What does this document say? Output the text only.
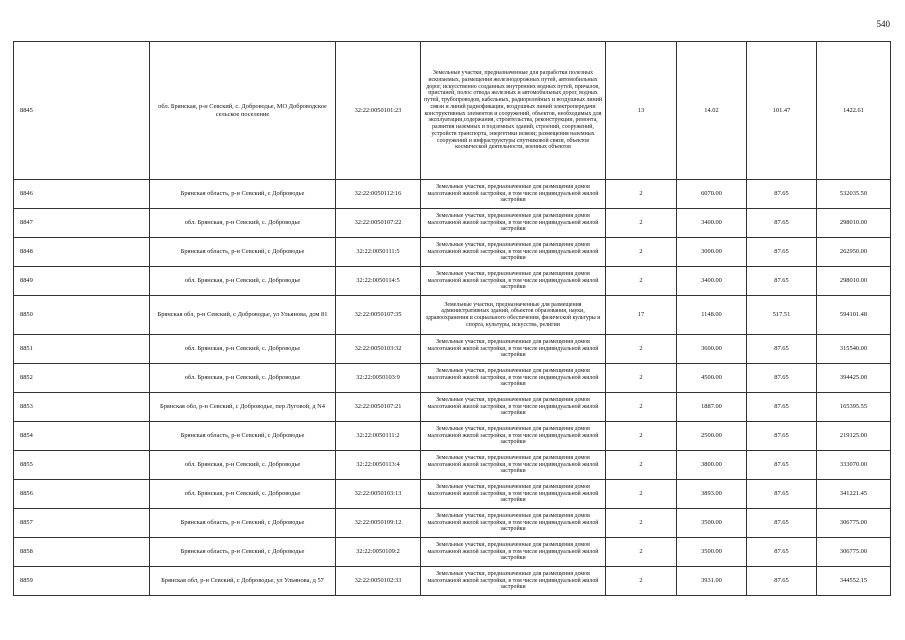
540
8845	обл. Брянская, р-н Севский, с. Доброводье, МО Доброводское сельское поселение	32:22:0050101:23	Земельные участки, предназначенные для разработки полезных ископаемых, размещения железнодорожных путей, автомобильных дорог, искусственно созданных внутренних водных путей, причалов, пристаней, полос отвода железных и автомобильных дорог, водных путей, трубопроводов, кабельных, радиорелейных и воздушных линий связи и линий радиофикации, воздушных линий электропередачи конструктивных элементов и сооружений, объектов, необходимых для эксплуатации,содержания, строительства, реконструкции, ремонта, развития наземных и подземных зданий, строений, сооружений, устройств транспорта, энергетики исвязи; размещения наземных сооружений и инфраструктуры спутниковой связи, объектов космической деятельности, военных объектов	13	14.02	101.47	1422.61
8846	Брянская область, р-н Севский, с Доброводье	32:22:0050112:16	Земельные участки, предназначенные для размещения домов малоэтажной жилой застройки, в том числе индивидуальной жилой застройки	2	6070.00	87.65	532035.50
8847	обл. Брянская, р-н Севский, с. Доброводье	32:22:0050107:22	Земельные участки, предназначенные для размещения домов малоэтажной жилой застройки, в том числе индивидуальной жилой застройки	2	3400.00	87.65	298010.00
8848	Брянская область, р-н Севский, с Доброводье	32:22:0050111:5	Земельные участки, предназначенные для размещения домов малоэтажной жилой застройки, в том числе индивидуальной жилой застройки	2	3000.00	87.65	262950.00
8849	обл. Брянская, р-н Севский, с. Доброводье	32:22:0050114:5	Земельные участки, предназначенные для размещения домов малоэтажной жилой застройки, в том числе индивидуальной жилой застройки	2	3400.00	87.65	298010.00
8850	Брянская обл, р-н Севский, с Доброводье, ул Ульянова, дом 81	32:22:0050107:35	Земельные участки, предназначенные для размещения административных зданий, объектов образования, науки, здравоохранения и социального обеспечения, физической культуры и спорта, культуры, искусства, религии	17	1148.00	517.51	594101.48
8851	обл. Брянская, р-н Севский, с. Доброводье	32:22:0050103:32	Земельные участки, предназначенные для размещения домов малоэтажной жилой застройки, в том числе индивидуальной жилой застройки	2	3600.00	87.65	315540.00
8852	обл. Брянская, р-н Севский, с. Доброводье	32:22:0050103:9	Земельные участки, предназначенные для размещения домов малоэтажной жилой застройки, в том числе индивидуальной жилой застройки	2	4500.00	87.65	394425.00
8853	Брянская обл, р-н Севский, с Доброводье, пер Луговой, д N4	32:22:0050107:21	Земельные участки, предназначенные для размещения домов малоэтажной жилой застройки, в том числе индивидуальной жилой застройки	2	1887.00	87.65	165395.55
8854	Брянская область, р-н Севский, с Доброводье	32:22:0050111:2	Земельные участки, предназначенные для размещения домов малоэтажной жилой застройки, в том числе индивидуальной жилой застройки	2	2500.00	87.65	219125.00
8855	обл. Брянская, р-н Севский, с. Доброводье	32:22:0050113:4	Земельные участки, предназначенные для размещения домов малоэтажной жилой застройки, в том числе индивидуальной жилой застройки	2	3800.00	87.65	333070.00
8856	обл. Брянская, р-н Севский, с. Доброводье	32:22:0050103:13	Земельные участки, предназначенные для размещения домов малоэтажной жилой застройки, в том числе индивидуальной жилой застройки	2	3893.00	87.65	341221.45
8857	Брянская область, р-н Севский, с Доброводье	32:22:0050109:12	Земельные участки, предназначенные для размещения домов малоэтажной жилой застройки, в том числе индивидуальной жилой застройки	2	3500.00	87.65	306775.00
8858	Брянская область, р-н Севский, с Доброводье	32:22:0050109:2	Земельные участки, предназначенные для размещения домов малоэтажной жилой застройки, в том числе индивидуальной жилой застройки	2	3500.00	87.65	306775.00
8859	Брянская обл, р-н Севский, с Доброводье, ул Ульянова, д 57	32:22:0050102:33	Земельные участки, предназначенные для размещения домов малоэтажной жилой застройки, в том числе индивидуальной жилой застройки	2	3931.00	87.65	344552.15
